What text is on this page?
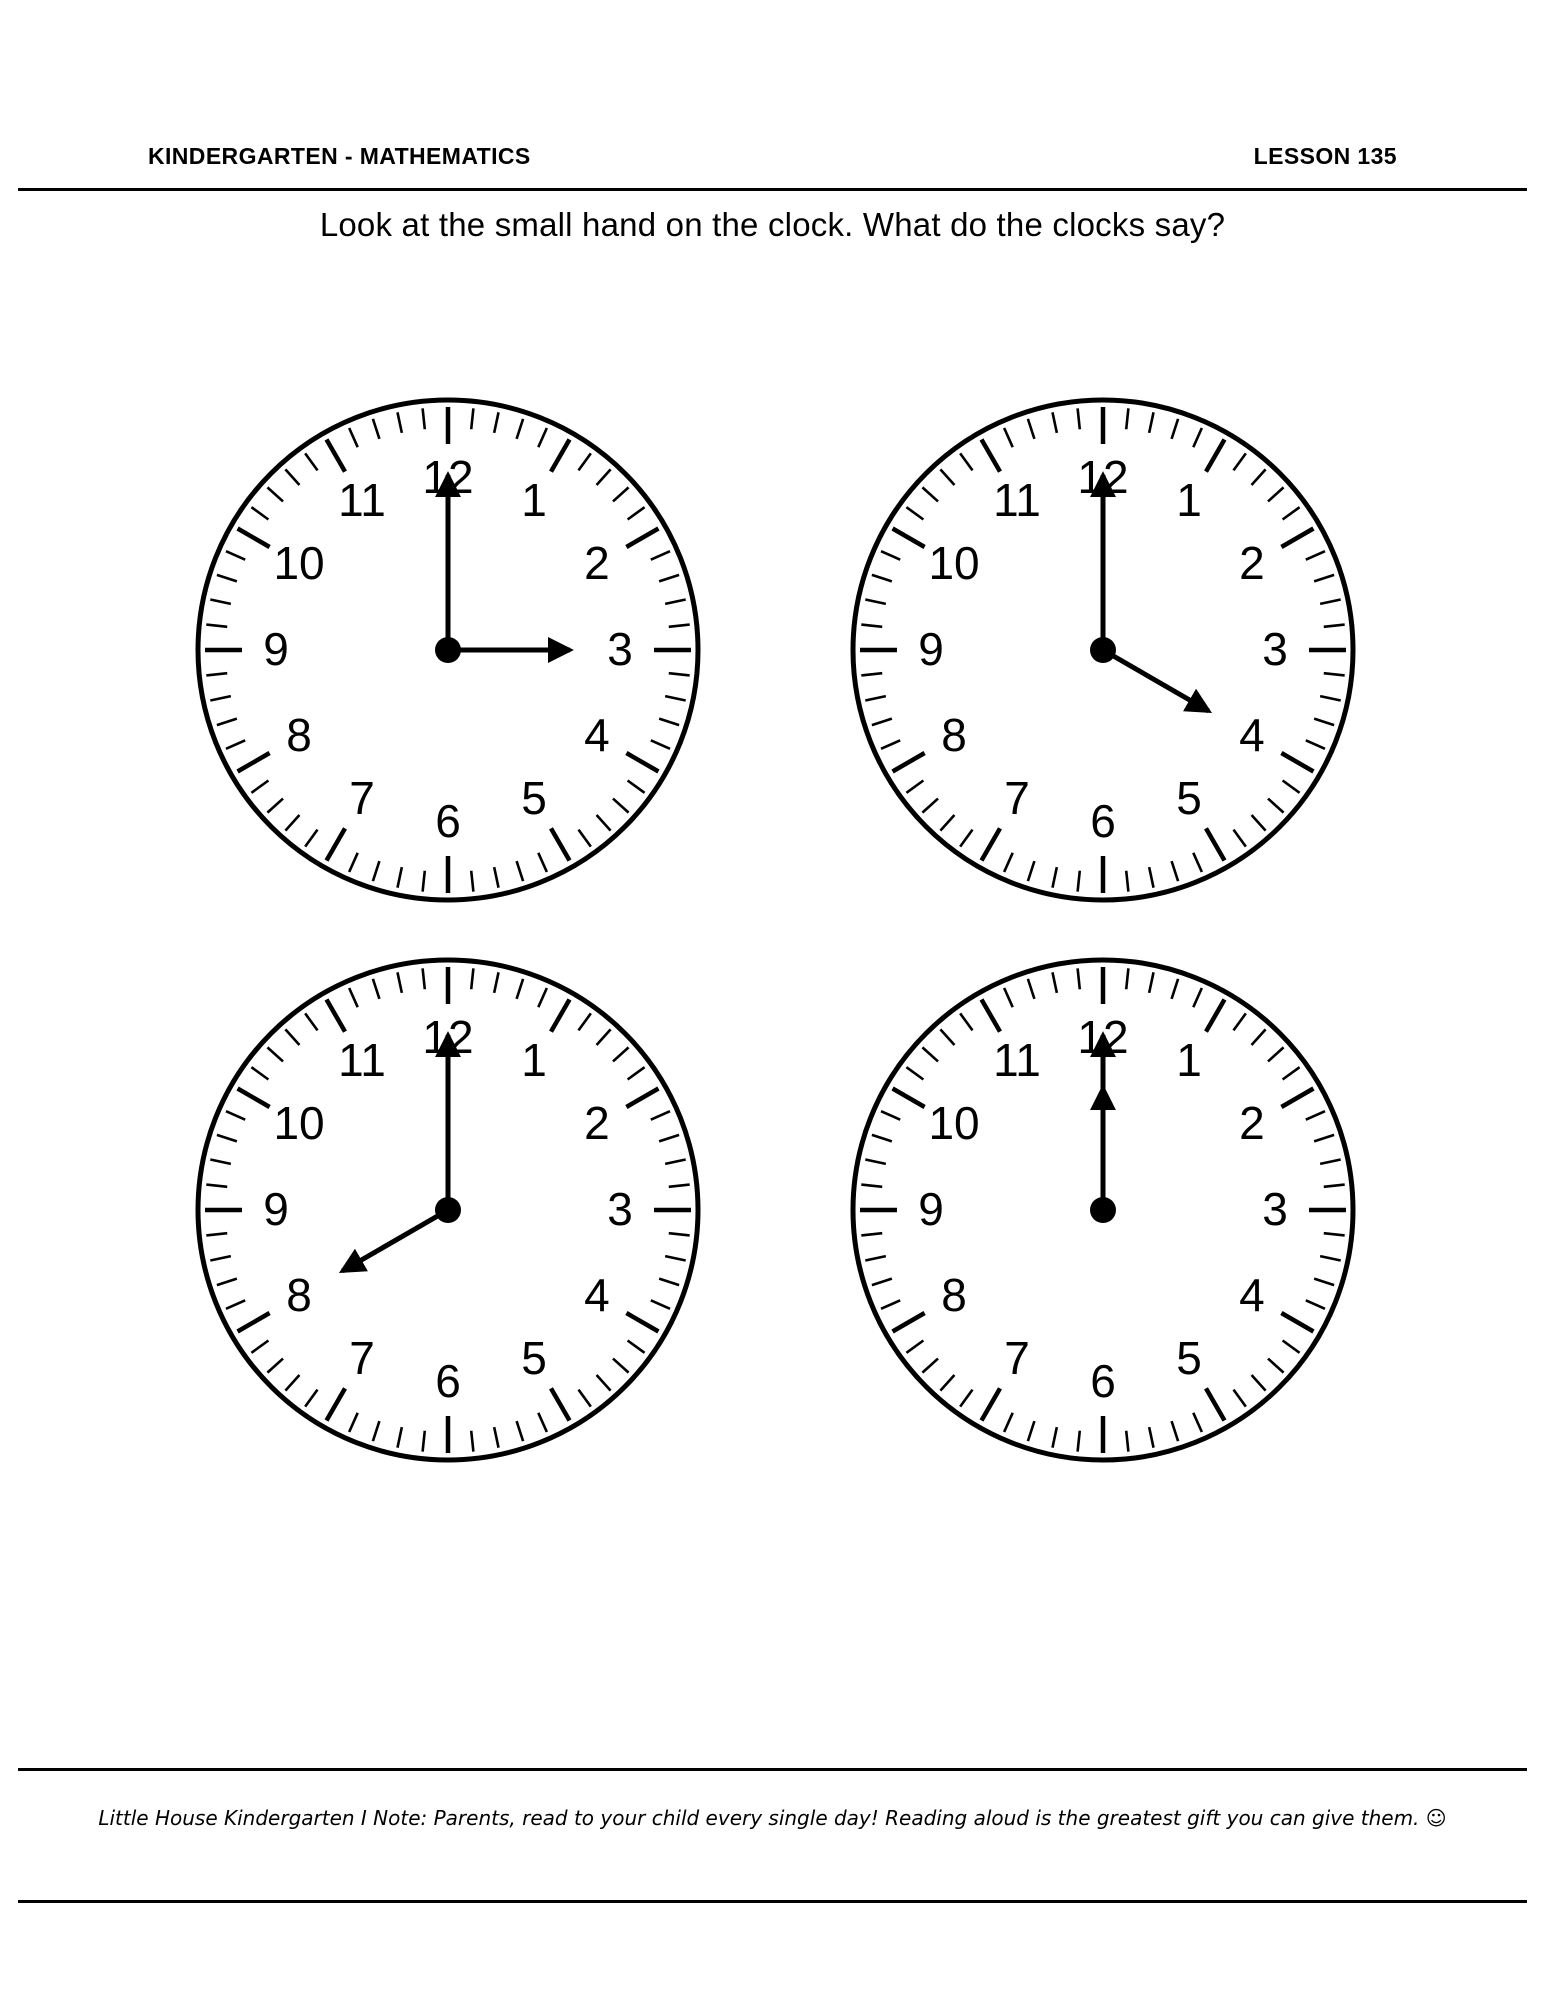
KINDERGARTEN - MATHEMATICS	LESSON 135
Look at the small hand on the clock. What do the clocks say?
12 1
2
3
4
5
6
7
8
9
10
11	12 1
2
3
4
5
6
7
8
9
10
11
12 1
2
3
4
5
6
7
8
9
10
11	12 1
2
3
4
5
6
7
8
9
10
11
Little House Kindergarten I Note: Parents, read to your child every single day! Reading aloud is the greatest gift you can give them. ☺
